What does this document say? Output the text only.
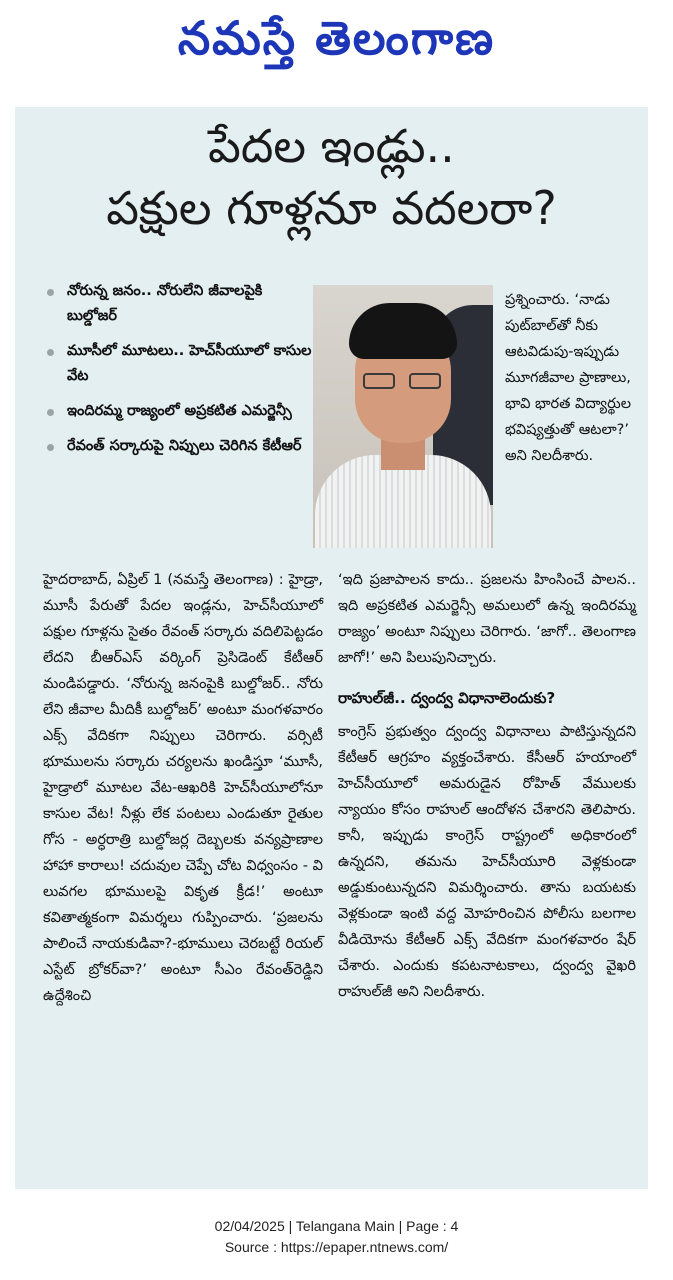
నమస్తే తెలంగాణ
పేదల ఇండ్లు..
పక్షుల గూళ్లనూ వదలరా?
నోరున్న జనం.. నోరులేని జీవాలపైకి బుల్డోజర్
మూసీలో మూటలు.. హెచ్‌సీయూలో కాసుల వేట
ఇందిరమ్మ రాజ్యంలో అప్రకటిత ఎమర్జెన్సీ
రేవంత్ సర్కారుపై నిప్పులు చెరిగిన కేటీఆర్
ప్రశ్నించారు. ‘నాడు పుట్‌బాల్‌తో నీకు ఆటవిడుపు-ఇప్పుడు మూగజీవాల ప్రాణాలు, భావి భారత విద్యార్థుల భవిష్యత్తుతో ఆటలా?’ అని నిలదీశారు.

హైదరాబాద్, ఏప్రిల్ 1 (నమస్తే తెలంగాణ) : హైడ్రా, మూసీ పేరుతో పేదల ఇండ్లను, హెచ్‌సీయూలో పక్షుల గూళ్లను సైతం రేవంత్ సర్కారు వదిలిపెట్టడం లేదని బీఆర్‌ఎస్ వర్కింగ్ ప్రెసిడెంట్ కేటీఆర్ మండిపడ్డారు. ‘నోరున్న జనంపైకి బుల్డోజర్.. నోరు లేని జీవాల మీదికీ బుల్డోజర్’ అంటూ మంగళవారం ఎక్స్ వేదికగా నిప్పులు చెరిగారు. వర్సిటీ భూములను సర్కారు చర్యలను ఖండిస్తూ ‘మూసీ, హైడ్రాలో మూటల వేట-ఆఖరికి హెచ్‌సీయూలోనూ కాసుల వేట! నీళ్లు లేక పంటలు ఎండుతూ రైతుల గోస - అర్ధరాత్రి బుల్డోజర్ల దెబ్బలకు వన్యప్రాణాల హాహా కారాలు! చదువుల చెప్పే చోట విధ్వంసం - వి లువగల భూములపై వికృత క్రీడ!’ అంటూ కవితాత్మకంగా విమర్శలు గుప్పించారు. ‘ప్రజలను పాలించే నాయకుడివా?-భూములు చెరబట్టే రియల్ ఎస్టేట్ బ్రోకర్‌వా?’ అంటూ సీఎం రేవంత్‌రెడ్డిని ఉద్దేశించి

‘ఇది ప్రజాపాలన కాదు.. ప్రజలను హింసించే పాలన.. ఇది అప్రకటిత ఎమర్జెన్సీ అమలులో ఉన్న ఇందిరమ్మ రాజ్యం’ అంటూ నిప్పులు చెరిగారు. ‘జాగో.. తెలంగాణ జాగో!’ అని పిలుపునిచ్చారు.

రాహుల్‌జీ.. ద్వంద్వ విధానాలెందుకు?

కాంగ్రెస్ ప్రభుత్వం ద్వంద్వ విధానాలు పాటిస్తున్నదని కేటీఆర్ ఆగ్రహం వ్యక్తంచేశారు. కేసీఆర్ హయాంలో హెచ్‌సీయూలో అమరుడైన రోహిత్ వేములకు న్యాయం కోసం రాహుల్ ఆందోళన చేశారని తెలిపారు. కానీ, ఇప్పుడు కాంగ్రెస్ రాష్ట్రంలో అధికారంలో ఉన్నదని, తమను హెచ్‌సీయూరి వెళ్లకుండా అడ్డుకుంటున్నదని విమర్శించారు. తాను బయటకు వెళ్లకుండా ఇంటి వద్ద మోహరించిన పోలీసు బలగాల వీడియోను కేటీఆర్ ఎక్స్ వేదికగా మంగళవారం షేర్ చేశారు. ఎందుకు కపటనాటకాలు, ద్వంద్వ వైఖరి రాహుల్‌జీ అని నిలదీశారు.

02/04/2025 | Telangana Main | Page : 4
Source : https://epaper.ntnews.com/
